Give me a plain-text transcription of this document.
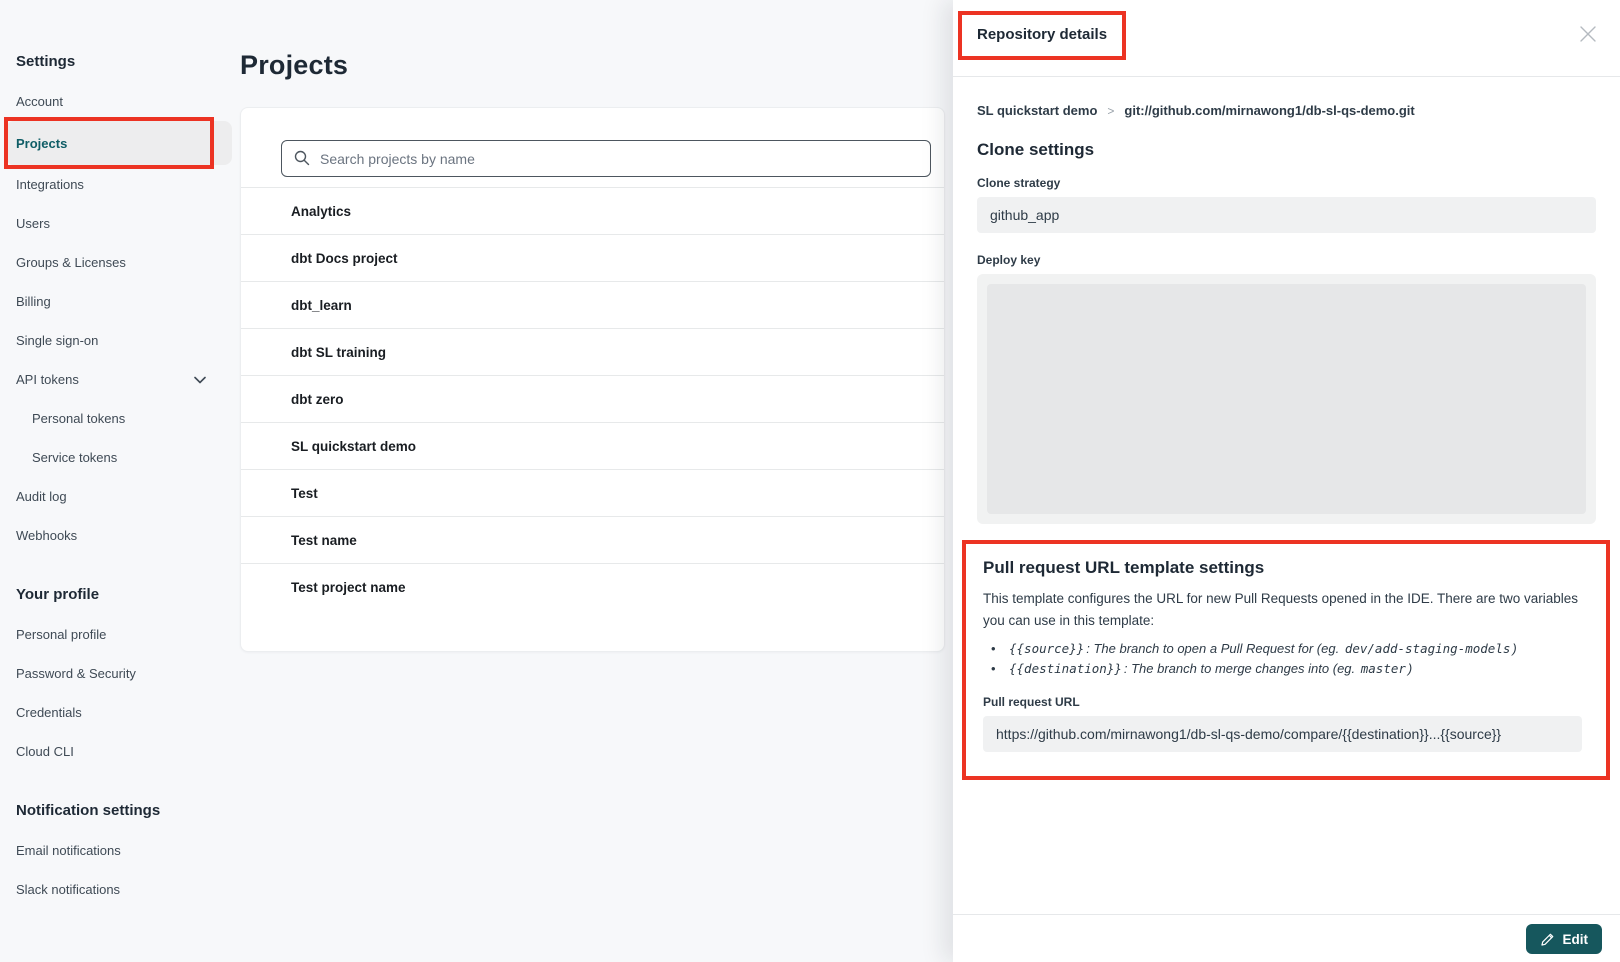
Settings
Account
Projects
Integrations
Users
Groups & Licenses
Billing
Single sign-on
API tokens
Personal tokens
Service tokens
Audit log
Webhooks
Your profile
Personal profile
Password & Security
Credentials
Cloud CLI
Notification settings
Email notifications
Slack notifications
Projects
Search projects by name
Analytics
dbt Docs project
dbt_learn
dbt SL training
dbt zero
SL quickstart demo
Test
Test name
Test project name
Repository details
SL quickstart demo > git://github.com/mirnawong1/db-sl-qs-demo.git
Clone settings
Clone strategy
github_app
Deploy key
Pull request URL template settings

This template configures the URL for new Pull Requests opened in the IDE. There are two variables you can use in this template:

• {{source}} : The branch to open a Pull Request for (eg. dev/add-staging-models )
• {{destination}} : The branch to merge changes into (eg. master )
Pull request URL
https://github.com/mirnawong1/db-sl-qs-demo/compare/{{destination}}...{{source}}
Edit
